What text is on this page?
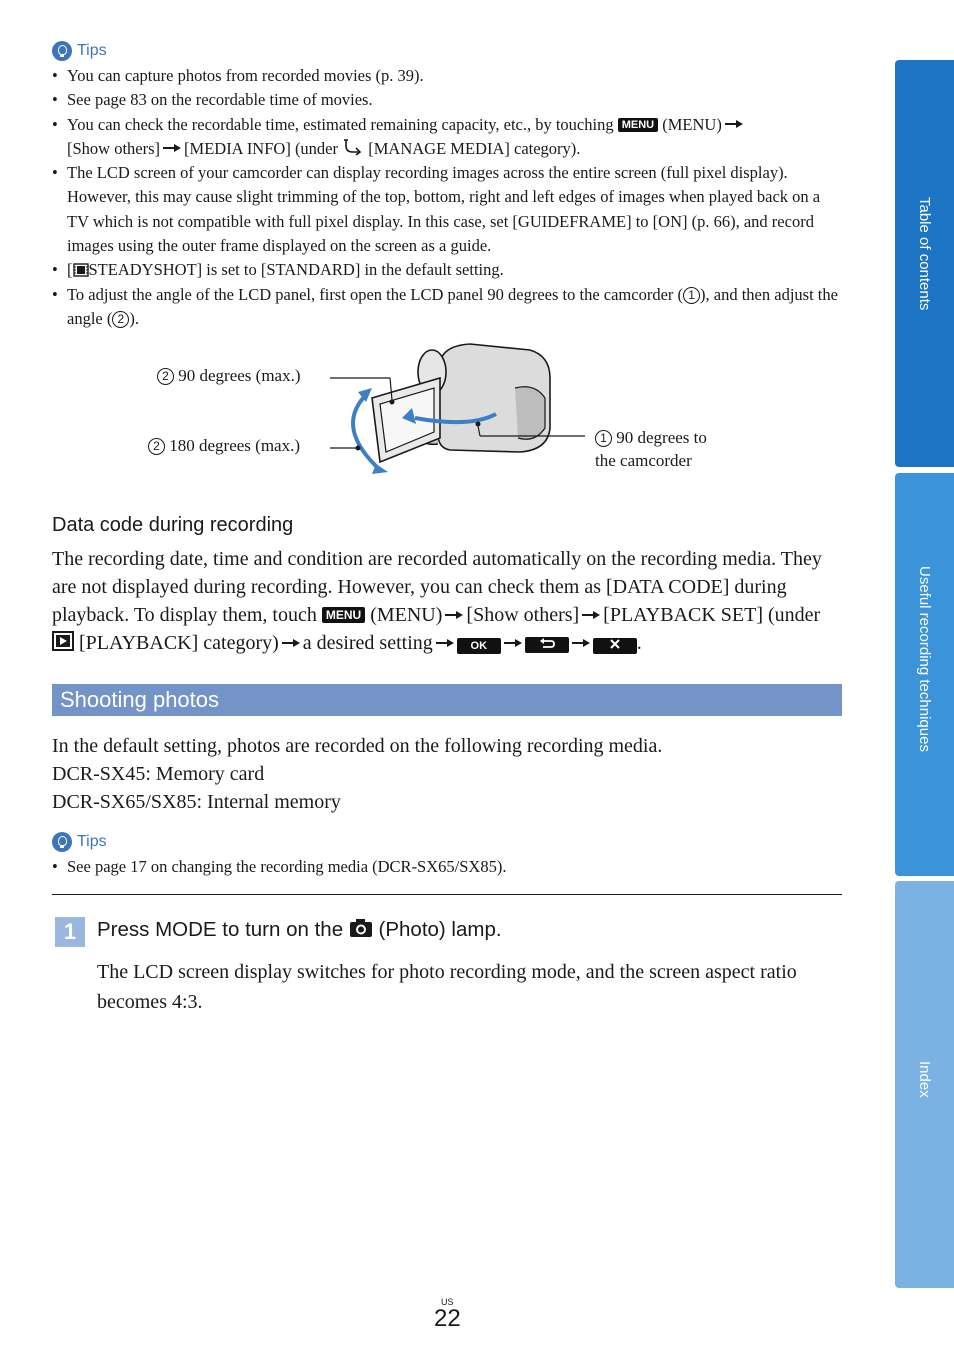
Tips
• You can capture photos from recorded movies (p. 39).
• See page 83 on the recordable time of movies.
• You can check the recordable time, estimated remaining capacity, etc., by touching MENU (MENU)
[Show others] [MEDIA INFO] (under [MANAGE MEDIA] category).
• The LCD screen of your camcorder can display recording images across the entire screen (full pixel display). However, this may cause slight trimming of the top, bottom, right and left edges of images when played back on a TV which is not compatible with full pixel display. In this case, set [GUIDEFRAME] to [ON] (p. 66), and record images using the outer frame displayed on the screen as a guide.
• [ STEADYSHOT] is set to [STANDARD] in the default setting.
• To adjust the angle of the LCD panel, first open the LCD panel 90 degrees to the camcorder ( 1 ), and then adjust the angle ( 2 ).
2 90 degrees (max.)
2 180 degrees (max.)	1 90 degrees to
the camcorder
Data code during recording
The recording date, time and condition are recorded automatically on the recording media. They are not displayed during recording. However, you can check them as [DATA CODE] during playback. To display them, touch MENU (MENU) [Show others] [PLAYBACK SET] (under  [PLAYBACK] category) a desired setting	OK	.
Shooting photos
In the default setting, photos are recorded on the following recording media.
DCR-SX45: Memory card
DCR-SX65/SX85: Internal memory
Tips
• See page 17 on changing the recording media (DCR-SX65/SX85).
1	Press MODE to turn on the (Photo) lamp.
The LCD screen display switches for photo recording mode, and the screen aspect ratio becomes 4:3.
US
22
Table of contents
Useful recording techniques
Index
